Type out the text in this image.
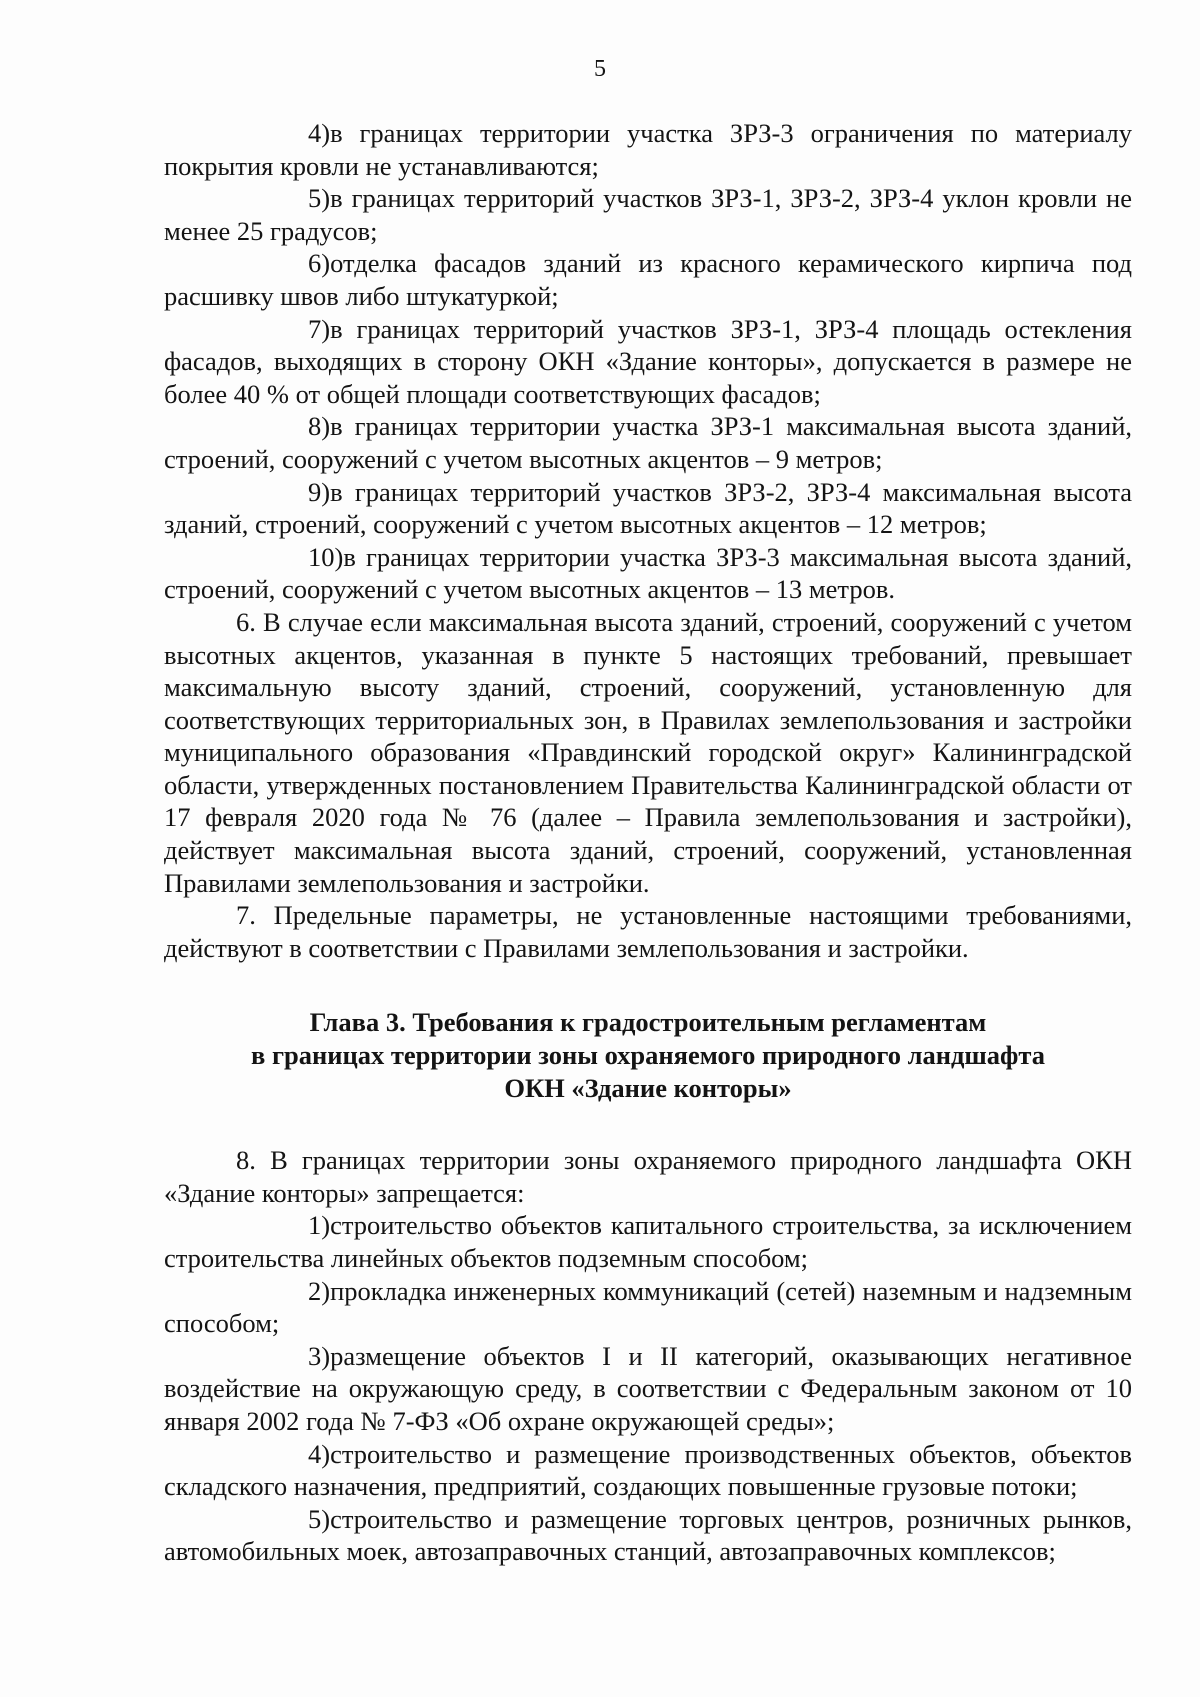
5

4)в границах территории участка ЗРЗ-3 ограничения по материалу покрытия кровли не устанавливаются;

5)в границах территорий участков ЗРЗ-1, ЗРЗ-2, ЗРЗ-4 уклон кровли не менее 25 градусов;

6)отделка фасадов зданий из красного керамического кирпича под расшивку швов либо штукатуркой;

7)в границах территорий участков ЗРЗ-1, ЗРЗ-4 площадь остекления фасадов, выходящих в сторону ОКН «Здание конторы», допускается в размере не более 40 % от общей площади соответствующих фасадов;

8)в границах территории участка ЗРЗ-1 максимальная высота зданий, строений, сооружений с учетом высотных акцентов – 9 метров;

9)в границах территорий участков ЗРЗ-2, ЗРЗ-4 максимальная высота зданий, строений, сооружений с учетом высотных акцентов – 12 метров;

10)в границах территории участка ЗРЗ-3 максимальная высота зданий, строений, сооружений с учетом высотных акцентов – 13 метров.

6. В случае если максимальная высота зданий, строений, сооружений с учетом высотных акцентов, указанная в пункте 5 настоящих требований, превышает максимальную высоту зданий, строений, сооружений, установленную для соответствующих территориальных зон, в Правилах землепользования и застройки муниципального образования «Правдинский городской округ» Калининградской области, утвержденных постановлением Правительства Калининградской области от 17 февраля 2020 года № 76 (далее – Правила землепользования и застройки), действует максимальная высота зданий, строений, сооружений, установленная Правилами землепользования и застройки.

7. Предельные параметры, не установленные настоящими требованиями, действуют в соответствии с Правилами землепользования и застройки.

Глава 3. Требования к градостроительным регламентам
в границах территории зоны охраняемого природного ландшафта
ОКН «Здание конторы»

8. В границах территории зоны охраняемого природного ландшафта ОКН «Здание конторы» запрещается:

1)строительство объектов капитального строительства, за исключением строительства линейных объектов подземным способом;

2)прокладка инженерных коммуникаций (сетей) наземным и надземным способом;

3)размещение объектов I и II категорий, оказывающих негативное воздействие на окружающую среду, в соответствии с Федеральным законом от 10 января 2002 года № 7-ФЗ «Об охране окружающей среды»;

4)строительство и размещение производственных объектов, объектов складского назначения, предприятий, создающих повышенные грузовые потоки;

5)строительство и размещение торговых центров, розничных рынков, автомобильных моек, автозаправочных станций, автозаправочных комплексов;
